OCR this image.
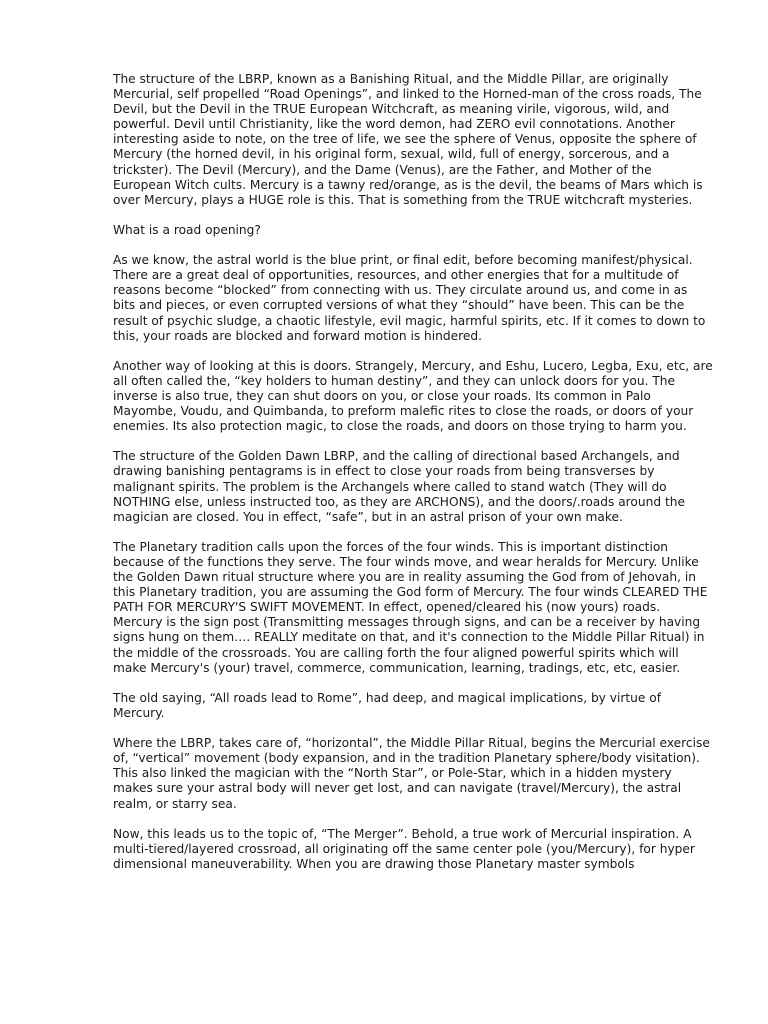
The structure of the LBRP, known as a Banishing Ritual, and the Middle Pillar, are originally Mercurial, self propelled “Road Openings”, and linked to the Horned-man of the cross roads, The Devil, but the Devil in the TRUE European Witchcraft, as meaning virile, vigorous, wild, and powerful. Devil until Christianity, like the word demon, had ZERO evil connotations. Another interesting aside to note, on the tree of life, we see the sphere of Venus, opposite the sphere of Mercury (the horned devil, in his original form, sexual, wild, full of energy, sorcerous, and a trickster). The Devil (Mercury), and the Dame (Venus), are the Father, and Mother of the European Witch cults. Mercury is a tawny red/orange, as is the devil, the beams of Mars which is over Mercury, plays a HUGE role is this. That is something from the TRUE witchcraft mysteries.

What is a road opening?

As we know, the astral world is the blue print, or final edit, before becoming manifest/physical. There are a great deal of opportunities, resources, and other energies that for a multitude of reasons become “blocked” from connecting with us. They circulate around us, and come in as bits and pieces, or even corrupted versions of what they “should” have been. This can be the result of psychic sludge, a chaotic lifestyle, evil magic, harmful spirits, etc. If it comes to down to this, your roads are blocked and forward motion is hindered.

Another way of looking at this is doors. Strangely, Mercury, and Eshu, Lucero, Legba, Exu, etc, are all often called the, “key holders to human destiny”, and they can unlock doors for you. The inverse is also true, they can shut doors on you, or close your roads. Its common in Palo Mayombe, Voudu, and Quimbanda, to preform malefic rites to close the roads, or doors of your enemies. Its also protection magic, to close the roads, and doors on those trying to harm you.

The structure of the Golden Dawn LBRP, and the calling of directional based Archangels, and drawing banishing pentagrams is in effect to close your roads from being transverses by malignant spirits. The problem is the Archangels where called to stand watch (They will do NOTHING else, unless instructed too, as they are ARCHONS), and the doors/.roads around the magician are closed. You in effect, “safe”, but in an astral prison of your own make.

The Planetary tradition calls upon the forces of the four winds. This is important distinction because of the functions they serve. The four winds move, and wear heralds for Mercury. Unlike the Golden Dawn ritual structure where you are in reality assuming the God from of Jehovah, in this Planetary tradition, you are assuming the God form of Mercury. The four winds CLEARED THE PATH FOR MERCURY'S SWIFT MOVEMENT. In effect, opened/cleared his (now yours) roads. Mercury is the sign post (Transmitting messages through signs, and can be a receiver by having signs hung on them…. REALLY meditate on that, and it's connection to the Middle Pillar Ritual) in the middle of the crossroads. You are calling forth the four aligned powerful spirits which will make Mercury's (your) travel, commerce, communication, learning, tradings, etc, etc, easier.

The old saying, “All roads lead to Rome”, had deep, and magical implications, by virtue of Mercury.

Where the LBRP, takes care of, “horizontal”, the Middle Pillar Ritual, begins the Mercurial exercise of, “vertical” movement (body expansion, and in the tradition Planetary sphere/body visitation). This also linked the magician with the “North Star”, or Pole-Star, which in a hidden mystery makes sure your astral body will never get lost, and can navigate (travel/Mercury), the astral realm, or starry sea.

Now, this leads us to the topic of, “The Merger”. Behold, a true work of Mercurial inspiration. A multi-tiered/layered crossroad, all originating off the same center pole (you/Mercury), for hyper dimensional maneuverability. When you are drawing those Planetary master symbols
